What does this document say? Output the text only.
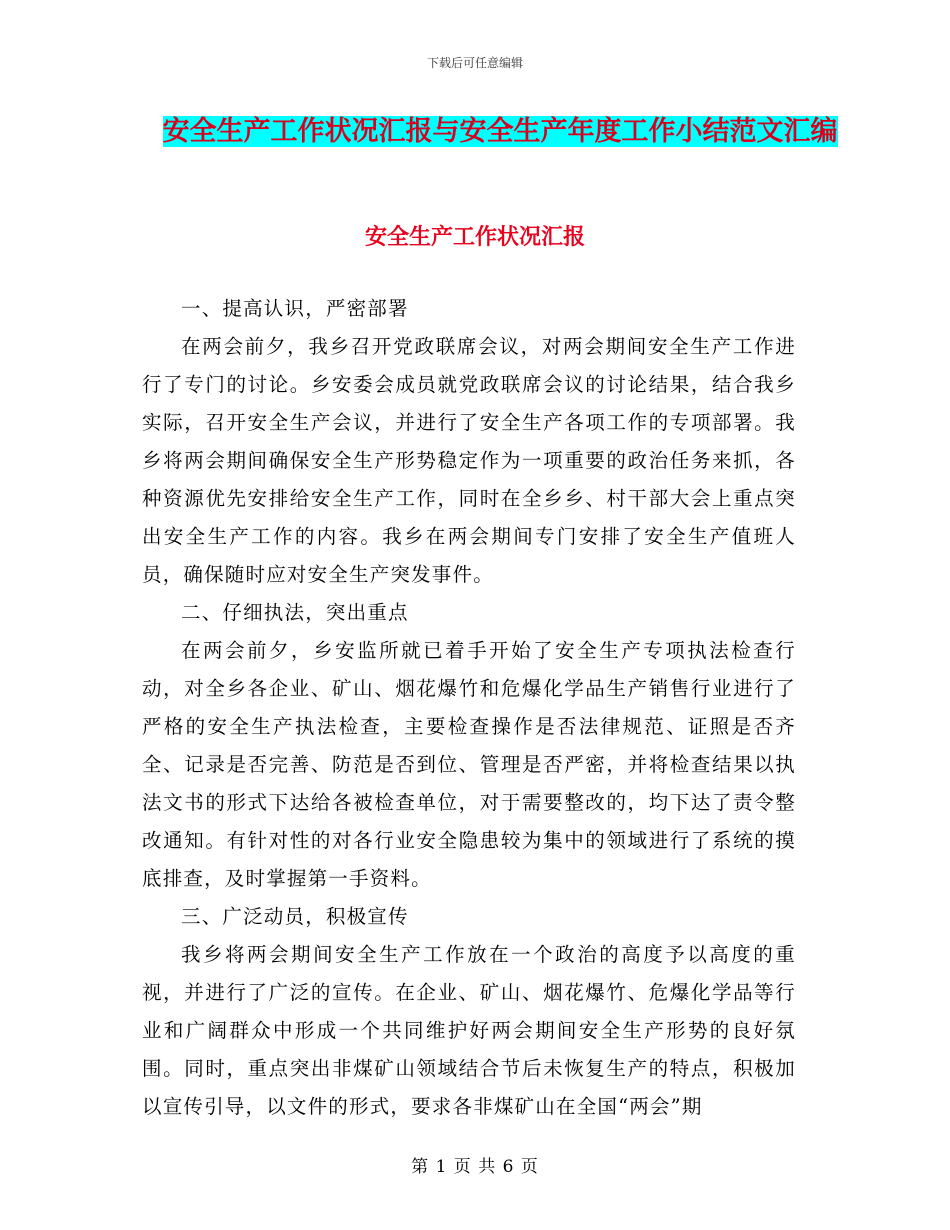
下载后可任意编辑
安全生产工作状况汇报与安全生产年度工作小结范文汇编
安全生产工作状况汇报

一、提高认识，严密部署

在两会前夕，我乡召开党政联席会议，对两会期间安全生产工作进行了专门的讨论。乡安委会成员就党政联席会议的讨论结果，结合我乡实际，召开安全生产会议，并进行了安全生产各项工作的专项部署。我乡将两会期间确保安全生产形势稳定作为一项重要的政治任务来抓，各种资源优先安排给安全生产工作，同时在全乡乡、村干部大会上重点突出安全生产工作的内容。我乡在两会期间专门安排了安全生产值班人员，确保随时应对安全生产突发事件。

二、仔细执法，突出重点

在两会前夕，乡安监所就已着手开始了安全生产专项执法检查行动，对全乡各企业、矿山、烟花爆竹和危爆化学品生产销售行业进行了严格的安全生产执法检查，主要检查操作是否法律规范、证照是否齐全、记录是否完善、防范是否到位、管理是否严密，并将检查结果以执法文书的形式下达给各被检查单位，对于需要整改的，均下达了责令整改通知。有针对性的对各行业安全隐患较为集中的领域进行了系统的摸底排查，及时掌握第一手资料。

三、广泛动员，积极宣传

我乡将两会期间安全生产工作放在一个政治的高度予以高度的重视，并进行了广泛的宣传。在企业、矿山、烟花爆竹、危爆化学品等行业和广阔群众中形成一个共同维护好两会期间安全生产形势的良好氛围。同时，重点突出非煤矿山领域结合节后未恢复生产的特点，积极加以宣传引导，以文件的形式，要求各非煤矿山在全国“两会”期

第 1 页 共 6 页
